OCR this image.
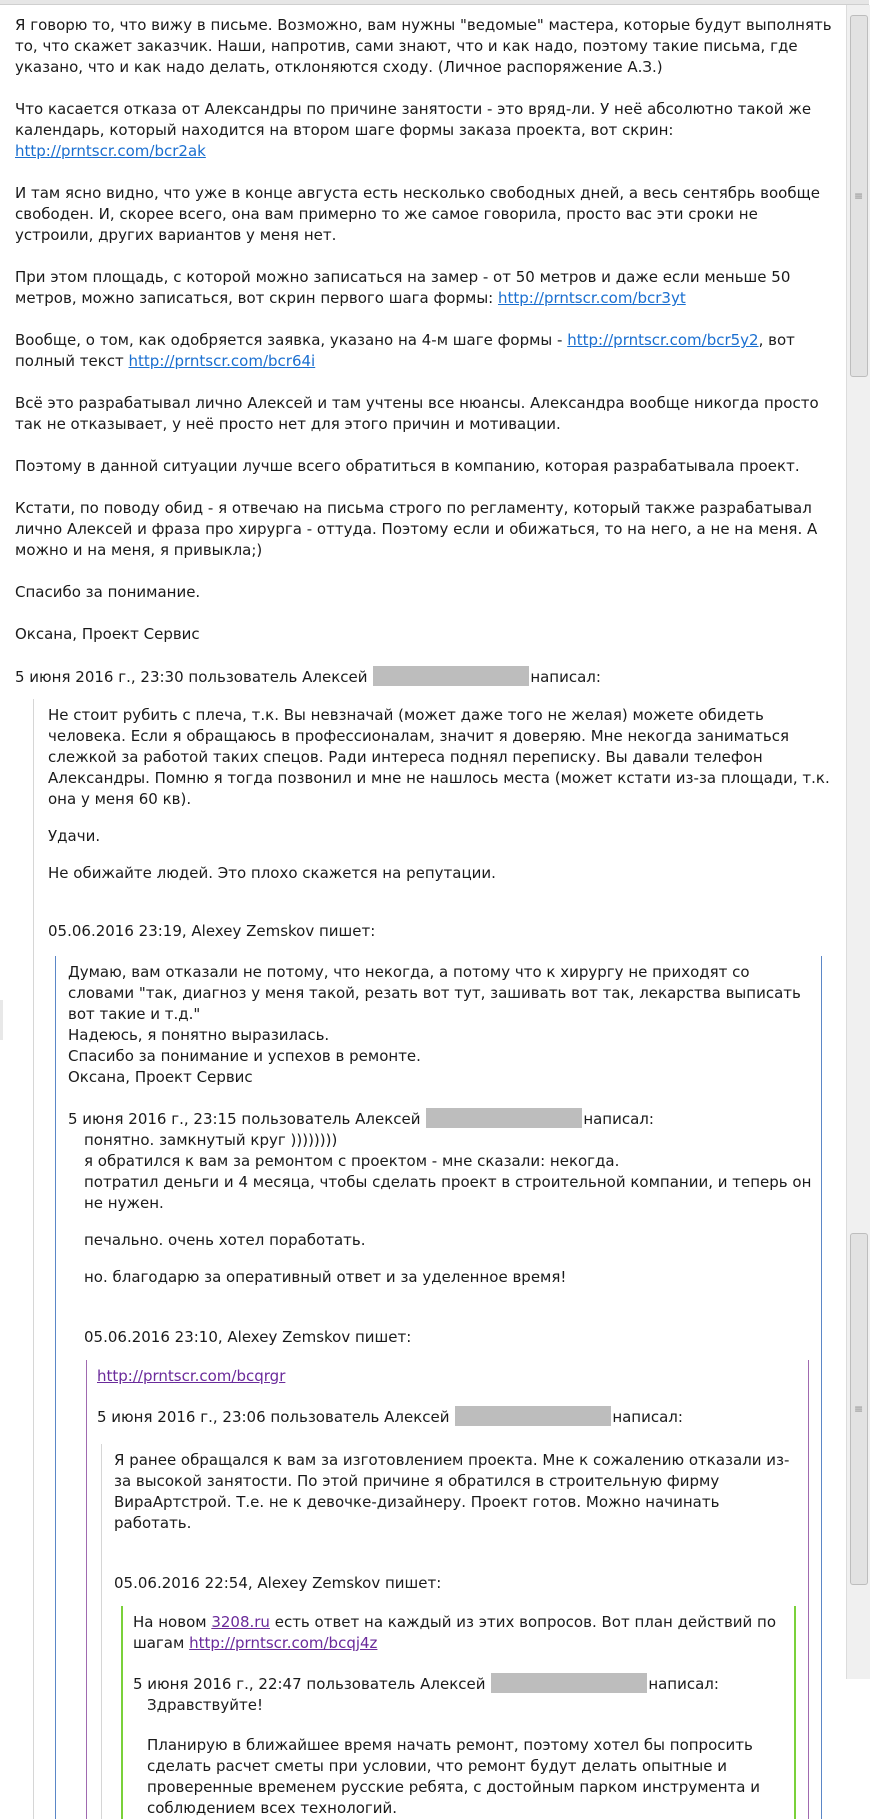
Я говорю то, что вижу в письме. Возможно, вам нужны "ведомые" мастера, которые будут выполнять то, что скажет заказчик. Наши, напротив, сами знают, что и как надо, поэтому такие письма, где указано, что и как надо делать, отклоняются сходу. (Личное распоряжение А.З.)

Что касается отказа от Александры по причине занятости - это вряд-ли. У неё абсолютно такой же календарь, который находится на втором шаге формы заказа проекта, вот скрин: http://prntscr.com/bcr2ak

И там ясно видно, что уже в конце августа есть несколько свободных дней, а весь сентябрь вообще свободен. И, скорее всего, она вам примерно то же самое говорила, просто вас эти сроки не устроили, других вариантов у меня нет.

При этом площадь, с которой можно записаться на замер - от 50 метров и даже если меньше 50 метров, можно записаться, вот скрин первого шага формы: http://prntscr.com/bcr3yt

Вообще, о том, как одобряется заявка, указано на 4-м шаге формы - http://prntscr.com/bcr5y2, вот полный текст http://prntscr.com/bcr64i

Всё это разрабатывал лично Алексей и там учтены все нюансы. Александра вообще никогда просто так не отказывает, у неё просто нет для этого причин и мотивации.

Поэтому в данной ситуации лучше всего обратиться в компанию, которая разрабатывала проект.

Кстати, по поводу обид - я отвечаю на письма строго по регламенту, который также разрабатывал лично Алексей и фраза про хирурга - оттуда. Поэтому если и обижаться, то на него, а не на меня. А можно и на меня, я привыкла;)

Спасибо за понимание.

Оксана, Проект Сервис

5 июня 2016 г., 23:30 пользователь Алексей	написал:

Не стоит рубить с плеча, т.к. Вы невзначай (может даже того не желая) можете обидеть человека. Если я обращаюсь в профессионалам, значит я доверяю. Мне некогда заниматься слежкой за работой таких спецов. Ради интереса поднял переписку. Вы давали телефон Александры. Помню я тогда позвонил и мне не нашлось места (может кстати из-за площади, т.к. она у меня 60 кв).

Удачи.

Не обижайте людей. Это плохо скажется на репутации.

05.06.2016 23:19, Alexey Zemskov пишет:
Думаю, вам отказали не потому, что некогда, а потому что к хирургу не приходят со словами "так, диагноз у меня такой, резать вот тут, зашивать вот так, лекарства выписать вот такие и т.д."
Надеюсь, я понятно выразилась.
Спасибо за понимание и успехов в ремонте.
Оксана, Проект Сервис
5 июня 2016 г., 23:15 пользователь Алексей	написал:
понятно. замкнутый круг ))))))))
я обратился к вам за ремонтом с проектом - мне сказали: некогда.
потратил деньги и 4 месяца, чтобы сделать проект в строительной компании, и теперь он не нужен.

печально. очень хотел поработать.

но. благодарю за оперативный ответ и за уделенное время!

05.06.2016 23:10, Alexey Zemskov пишет:
http://prntscr.com/bcqrgr
5 июня 2016 г., 23:06 пользователь Алексей	написал:

Я ранее обращался к вам за изготовлением проекта. Мне к сожалению отказали из-за высокой занятости. По этой причине я обратился в строительную фирму ВираАртстрой. Т.е. не к девочке-дизайнеру. Проект готов. Можно начинать работать.

05.06.2016 22:54, Alexey Zemskov пишет:
На новом 3208.ru есть ответ на каждый из этих вопросов. Вот план действий по шагам http://prntscr.com/bcqj4z
5 июня 2016 г., 22:47 пользователь Алексей	написал:

Здравствуйте!

Планирую в ближайшее время начать ремонт, поэтому хотел бы попросить сделать расчет сметы при условии, что ремонт будут делать опытные и проверенные временем русские ребята, с достойным парком инструмента и соблюдением всех технологий.

≡
≡
